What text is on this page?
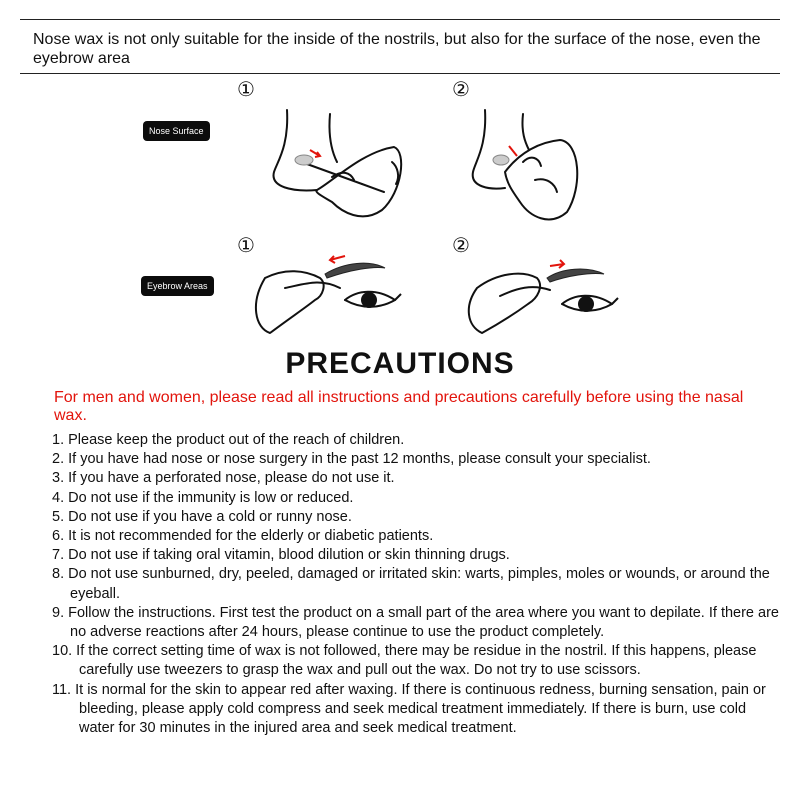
Nose wax is not only suitable for the inside of the nostrils, but also for the surface of the nose, even the eyebrow area
①	②
Nose Surface
①	②
Eyebrow Areas
PRECAUTIONS
For men and women, please read all instructions and precautions carefully before using the nasal wax.
1. Please keep the product out of the reach of children.
2. If you have had nose or nose surgery in the past 12 months, please consult your specialist.
3. If you have a perforated nose, please do not use it.
4. Do not use if the immunity is low or reduced.
5. Do not use if you have a cold or runny nose.
6. It is not recommended for the elderly or diabetic patients.
7. Do not use if taking oral vitamin, blood dilution or skin thinning drugs.
8. Do not use sunburned, dry, peeled, damaged or irritated skin: warts, pimples, moles or wounds, or around the eyeball.
9. Follow the instructions. First test the product on a small part of the area where you want to depilate. If there are no adverse reactions after 24 hours, please continue to use the product completely.
10. If the correct setting time of wax is not followed, there may be residue in the nostril. If this happens, please carefully use tweezers to grasp the wax and pull out the wax. Do not try to use scissors.
11. It is normal for the skin to appear red after waxing. If there is continuous redness, burning sensation, pain or bleeding, please apply cold compress and seek medical treatment immediately. If there is burn, use cold water for 30 minutes in the injured area and seek medical treatment.
